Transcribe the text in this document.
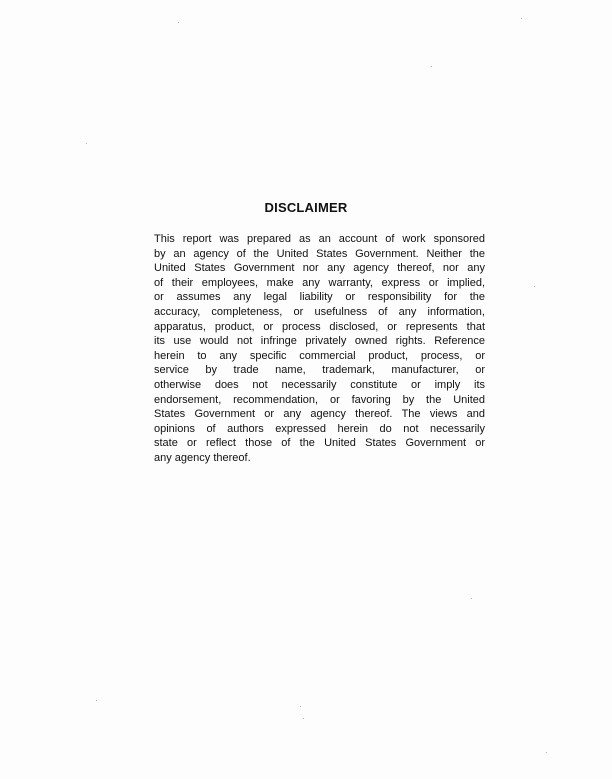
DISCLAIMER
This report was prepared as an account of work sponsored
by an agency of the United States Government. Neither the
United States Government nor any agency thereof, nor any
of their employees, make any warranty, express or implied,
or assumes any legal liability or responsibility for the
accuracy, completeness, or usefulness of any information,
apparatus, product, or process disclosed, or represents that
its use would not infringe privately owned rights. Reference
herein to any specific commercial product, process, or
service by trade name, trademark, manufacturer, or
otherwise does not necessarily constitute or imply its
endorsement, recommendation, or favoring by the United
States Government or any agency thereof. The views and
opinions of authors expressed herein do not necessarily
state or reflect those of the United States Government or
any agency thereof.
